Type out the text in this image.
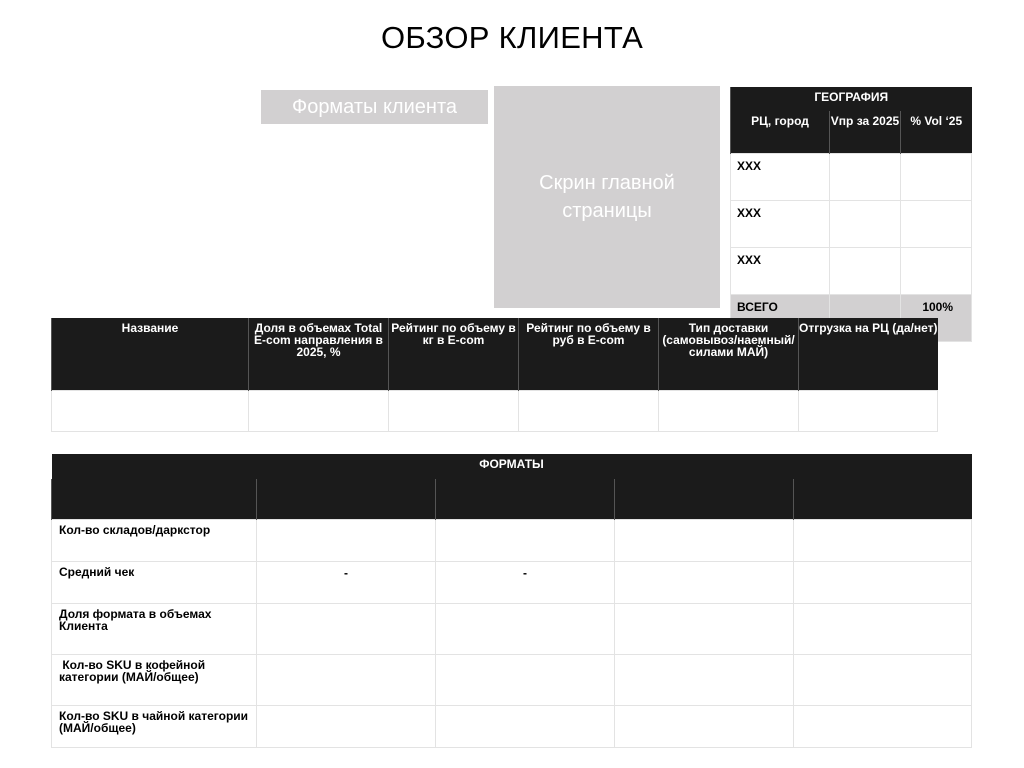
ОБЗОР КЛИЕНТА
Форматы клиента
Скрин главной страницы
ГЕОГРАФИЯ		
РЦ, город	Vпр за 2025	% Vol ‘25
ХХХ		
ХХХ		
ХХХ		
ВСЕГО		100%
Название	Доля в объемах Total E-com направления в 2025, %	Рейтинг по объему в кг в E-com	Рейтинг по объему в руб в E-com	Тип доставки (самовывоз/наемный/силами МАЙ)	Отгрузка на РЦ (да/нет)

ФОРМАТЫ				

Кол-во складов/даркстор				
Средний чек	-	-		
Доля формата в объемах Клиента				
Кол-во SKU в кофейной категории (МАЙ/общее)				
Кол-во SKU в чайной категории (МАЙ/общее)				
